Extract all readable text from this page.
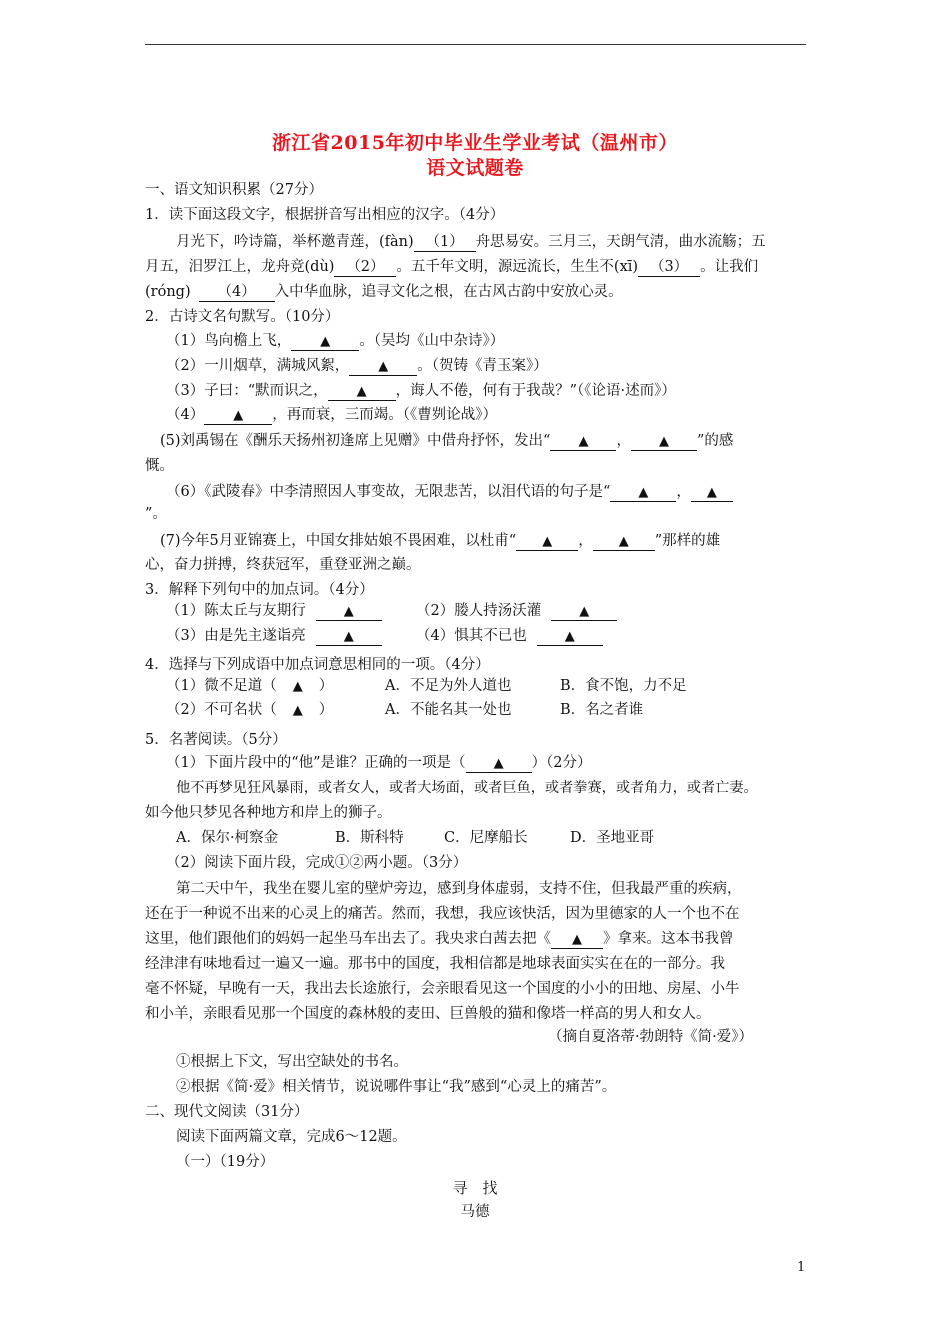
浙江省2015年初中毕业生学业考试（温州市）
语文试题卷
一、语文知识积累（27分）
1．读下面这段文字，根据拼音写出相应的汉字。（4分）
月光下，吟诗篇，举杯邀青莲，(fàn) （1） 舟思易安。三月三，天朗气清，曲水流觞；五
月五，汨罗江上，龙舟竞(dù) （2） 。五千年文明，源远流长，生生不(xī) （3） 。让我们
(róng) （4） 入中华血脉，追寻文化之根，在古风古韵中安放心灵。
2．古诗文名句默写。（10分）
（1）鸟向檐上飞， ▲ 。（吴均《山中杂诗》）
（2）一川烟草，满城风絮， ▲ 。（贺铸《青玉案》）
（3）子曰：“默而识之， ▲ ，诲人不倦，何有于我哉？”（《论语·述而》）
（4） ▲ ，再而衰，三而竭。（《曹刿论战》）
(5)刘禹锡在《酬乐天扬州初逢席上见赠》中借舟抒怀，发出“ ▲ ， ▲ ”的感
慨。
（6）《武陵春》中李清照因人事变故，无限悲苦，以泪代语的句子是“ ▲ ， ▲
”。
(7)今年5月亚锦赛上，中国女排姑娘不畏困难，以杜甫“ ▲ ， ▲ ”那样的雄
心，奋力拼搏，终获冠军，重登亚洲之巅。
3．解释下列句中的加点词。（4分）
（1）陈太丘与友期行	▲	（2）媵人持汤沃灌	▲
（3）由是先主遂诣亮	▲	（4）惧其不已也	▲
4．选择与下列成语中加点词意思相同的一项。（4分）
（1）微不足道（ ▲ ）	A．不足为外人道也	B．食不饱，力不足
（2）不可名状（ ▲ ）	A．不能名其一处也	B．名之者谁
5．名著阅读。（5分）
（1）下面片段中的“他”是谁？正确的一项是（ ▲ ）（2分）
他不再梦见狂风暴雨，或者女人，或者大场面，或者巨鱼，或者拳赛，或者角力，或者亡妻。
如今他只梦见各种地方和岸上的狮子。
A．保尔·柯察金	B．斯科特	C．尼摩船长	D．圣地亚哥
（2）阅读下面片段，完成①②两小题。（3分）
第二天中午，我坐在婴儿室的壁炉旁边，感到身体虚弱，支持不住，但我最严重的疾病，
还在于一种说不出来的心灵上的痛苦。然而，我想，我应该快活，因为里德家的人一个也不在
这里，他们跟他们的妈妈一起坐马车出去了。我央求白茜去把《 ▲ 》拿来。这本书我曾
经津津有味地看过一遍又一遍。那书中的国度，我相信都是地球表面实实在在的一部分。我
毫不怀疑，早晚有一天，我出去长途旅行，会亲眼看见这一个国度的小小的田地、房屋、小牛
和小羊，亲眼看见那一个国度的森林般的麦田、巨兽般的猫和像塔一样高的男人和女人。
（摘自夏洛蒂·勃朗特《简·爱》）
①根据上下文，写出空缺处的书名。
②根据《简·爱》相关情节，说说哪件事让“我”感到“心灵上的痛苦”。
二、现代文阅读（31分）
阅读下面两篇文章，完成6～12题。
（一）（19分）
寻　找
马德
1
